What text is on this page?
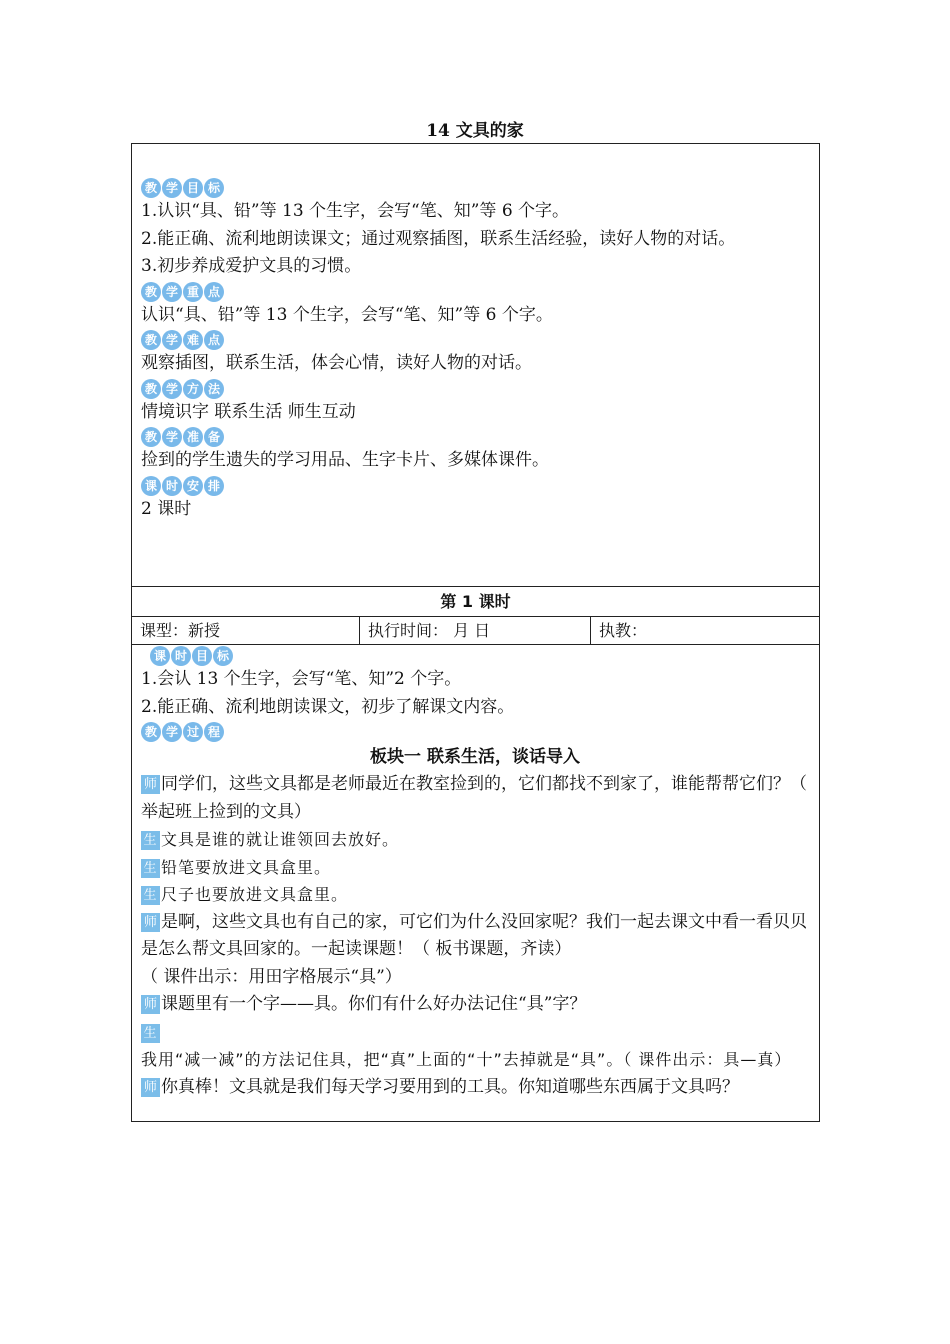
14 文具的家
教 学 目 标

1.认识“具、铅”等 13 个生字，会写“笔、知”等 6 个字。

2.能正确、流利地朗读课文；通过观察插图，联系生活经验，读好人物的对话。

3.初步养成爱护文具的习惯。

教 学 重 点

认识“具、铅”等 13 个生字，会写“笔、知”等 6 个字。

教 学 难 点

观察插图，联系生活，体会心情，读好人物的对话。

教 学 方 法

情境识字 联系生活 师生互动

教 学 准 备

捡到的学生遗失的学习用品、生字卡片、多媒体课件。

课 时 安 排

2 课时

第 1 课时
课型：新授	执行时间： 月 日	执教：
课 时 目 标

1.会认 13 个生字，会写“笔、知”2 个字。

2.能正确、流利地朗读课文，初步了解课文内容。

教 学 过 程
板块一 联系生活，谈话导入

师 同学们，这些文具都是老师最近在教室捡到的，它们都找不到家了，谁能帮帮它们？（ 举起班上捡到的文具）

生 文具是谁的就让谁领回去放好。

生 铅笔要放进文具盒里。

生 尺子也要放进文具盒里。

师 是啊，这些文具也有自己的家，可它们为什么没回家呢？我们一起去课文中看一看贝贝是怎么帮文具回家的。一起读课题！（ 板书课题，齐读）

（ 课件出示：用田字格展示“具”）

师 课题里有一个字——具。你们有什么好办法记住“具”字？

生我用“减一减”的方法记住具，把“真”上面的“十”去掉就是“具”。（ 课件出示：具—真）

师 你真棒！文具就是我们每天学习要用到的工具。你知道哪些东西属于文具吗？
